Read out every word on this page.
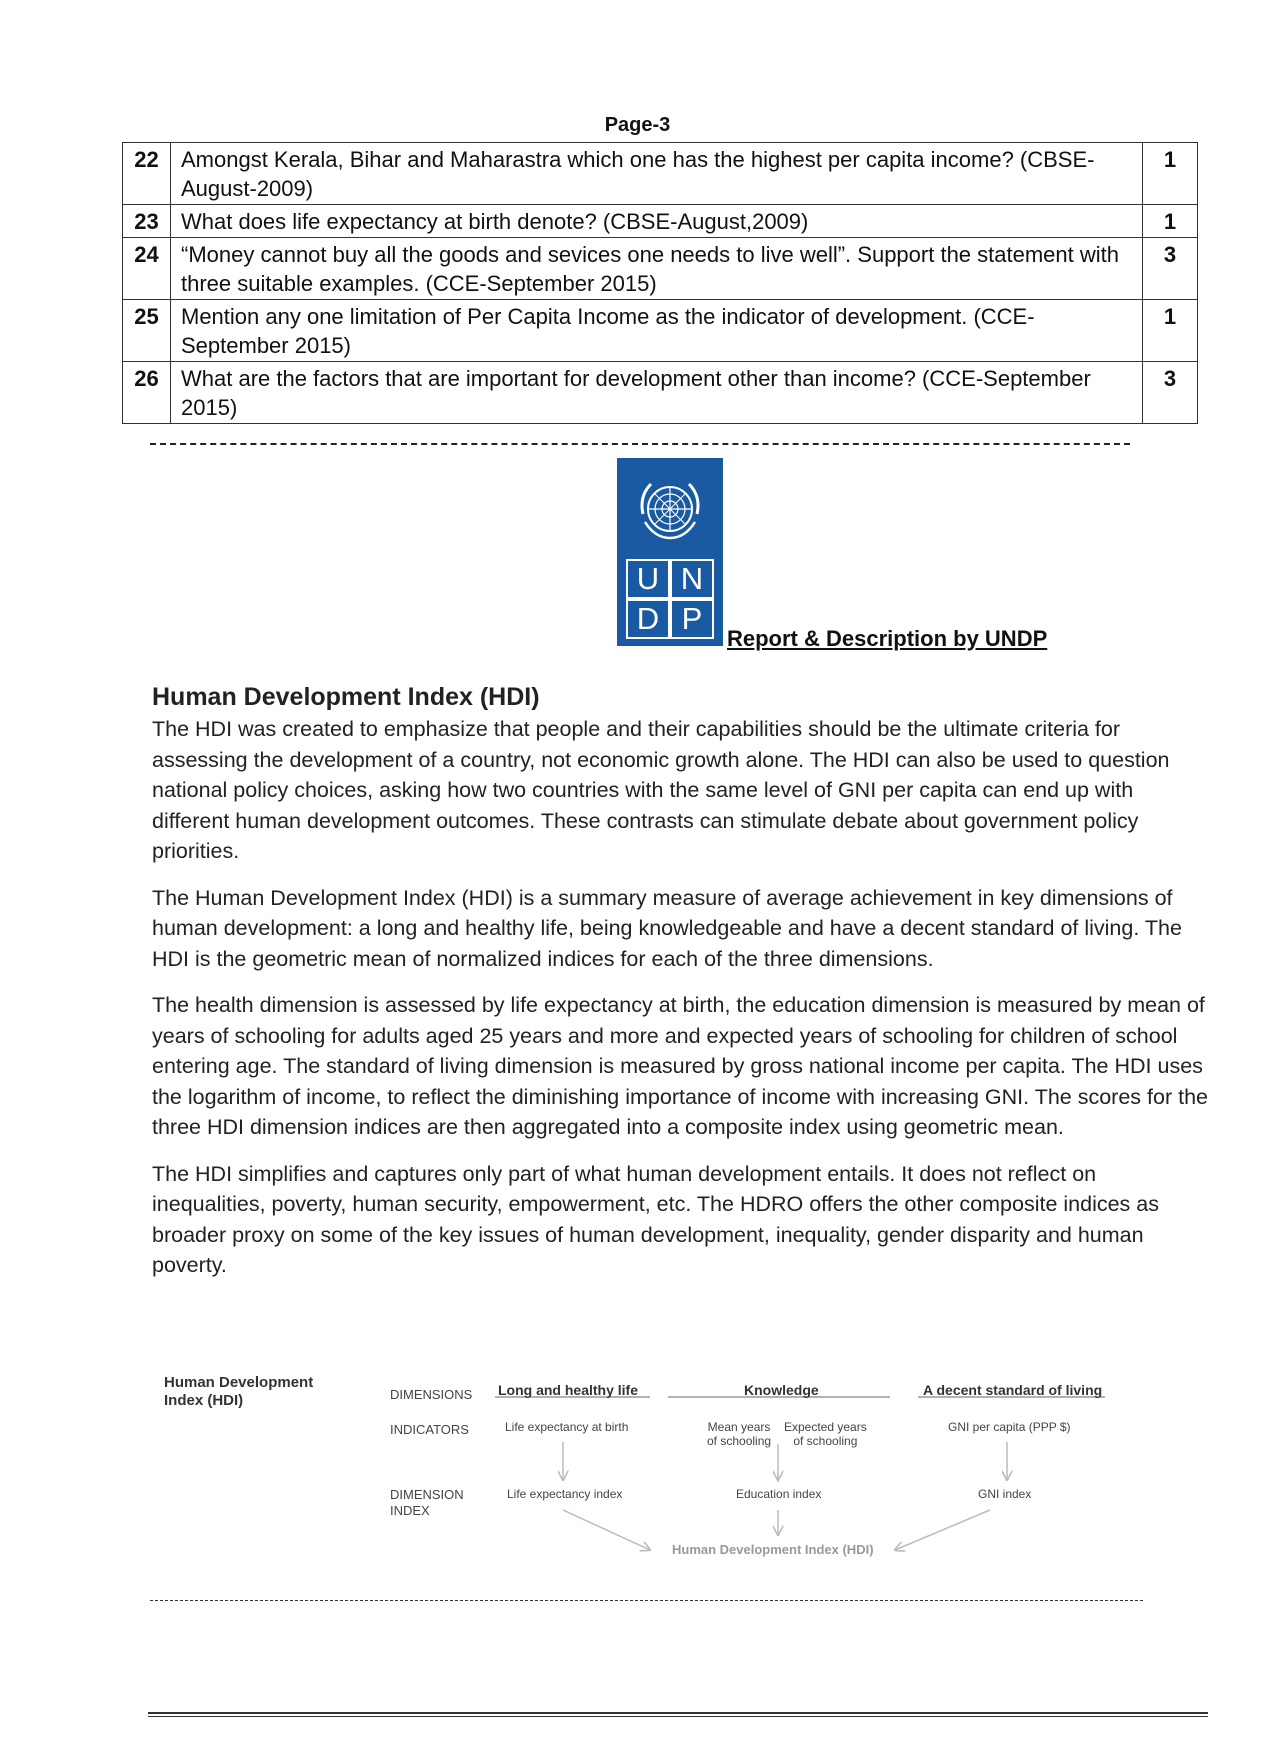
Page-3
22	Amongst Kerala, Bihar and Maharastra which one has the highest per capita income? (CBSE-August-2009)	1
23	What does life expectancy at birth denote? (CBSE-August,2009)	1
24	“Money cannot buy all the goods and sevices one needs to live well”. Support the statement with three suitable examples. (CCE-September 2015)	3
25	Mention any one limitation of Per Capita Income as the indicator of development. (CCE-September 2015)	1
26	What are the factors that are important for development other than income? (CCE-September 2015)	3
U N
D P
Report & Description by UNDP
Human Development Index (HDI)

The HDI was created to emphasize that people and their capabilities should be the ultimate criteria for assessing the development of a country, not economic growth alone. The HDI can also be used to question national policy choices, asking how two countries with the same level of GNI per capita can end up with different human development outcomes. These contrasts can stimulate debate about government policy priorities.

The Human Development Index (HDI) is a summary measure of average achievement in key dimensions of human development: a long and healthy life, being knowledgeable and have a decent standard of living. The HDI is the geometric mean of normalized indices for each of the three dimensions.

The health dimension is assessed by life expectancy at birth, the education dimension is measured by mean of years of schooling for adults aged 25 years and more and expected years of schooling for children of school entering age. The standard of living dimension is measured by gross national income per capita. The HDI uses the logarithm of income, to reflect the diminishing importance of income with increasing GNI. The scores for the three HDI dimension indices are then aggregated into a composite index using geometric mean.

The HDI simplifies and captures only part of what human development entails. It does not reflect on inequalities, poverty, human security, empowerment, etc. The HDRO offers the other composite indices as broader proxy on some of the key issues of human development, inequality, gender disparity and human poverty.

Human Development
Index (HDI)	DIMENSIONS
INDICATORS
DIMENSION
INDEX
Long and healthy life	Knowledge	A decent standard of living
Life expectancy at birth	Mean years
of schooling
Expected years
of schooling
GNI per capita (PPP $)
Life expectancy index	Education index	GNI index
Human Development Index (HDI)
